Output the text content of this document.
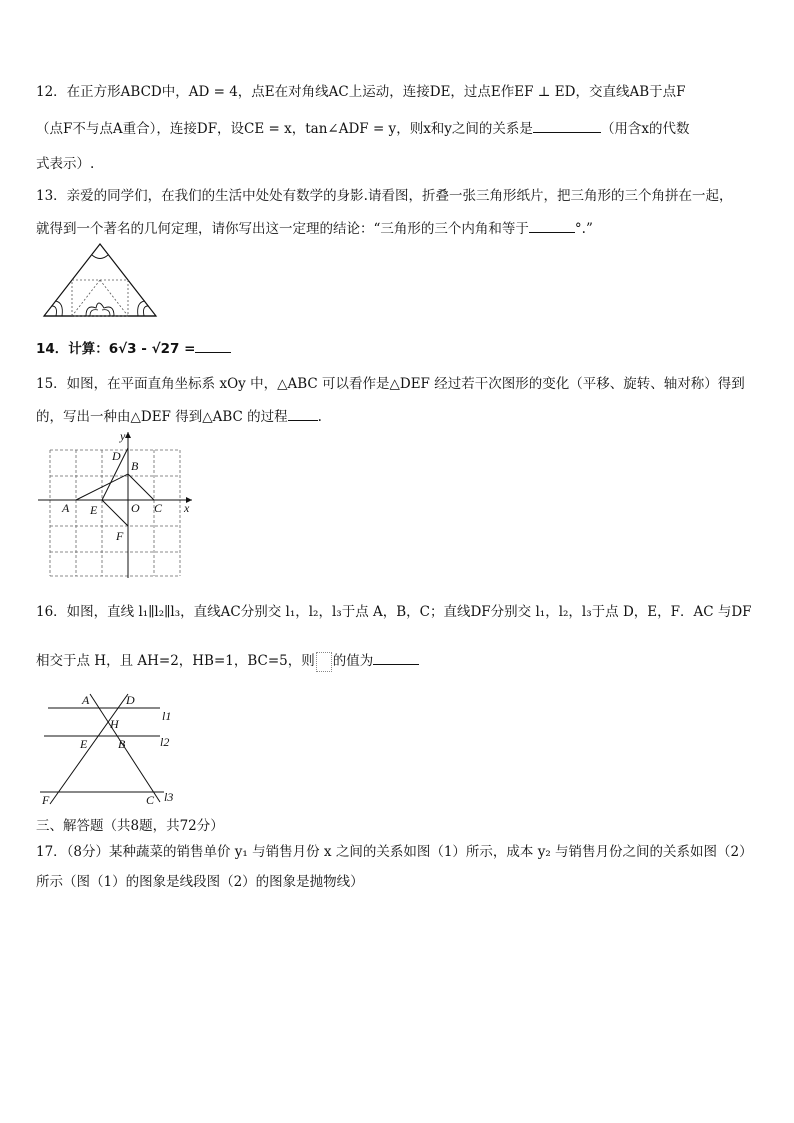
12．在正方形ABCD中，AD = 4，点E在对角线AC上运动，连接DE，过点E作EF ⊥ ED，交直线AB于点F
（点F不与点A重合），连接DF，设CE = x，tan∠ADF = y，则x和y之间的关系是	（用含x的代数
式表示）.
13．亲爱的同学们，在我们的生活中处处有数学的身影.请看图，折叠一张三角形纸片，把三角形的三个角拼在一起，
就得到一个著名的几何定理，请你写出这一定理的结论：“三角形的三个内角和等于	°.”
14．计算：6√3 - √27 =
15．如图，在平面直角坐标系 xOy 中，△ABC 可以看作是△DEF 经过若干次图形的变化（平移、旋转、轴对称）得到
的，写出一种由△DEF 得到△ABC 的过程 .
y
x
A
B
C
D
E
F
O
16．如图，直线 l₁∥l₂∥l₃，直线AC分别交 l₁，l₂，l₃于点 A，B，C；直线DF分别交 l₁，l₂，l₃于点 D，E，F．AC 与DF
相交于点 H，且 AH=2，HB=1，BC=5，则 的值为
A	D
H
E	B
F	C
l1
l2
l3
三、解答题（共8题，共72分）
17．（8分）某种蔬菜的销售单价 y₁ 与销售月份 x 之间的关系如图（1）所示，成本 y₂ 与销售月份之间的关系如图（2）
所示（图（1）的图象是线段图（2）的图象是抛物线）
